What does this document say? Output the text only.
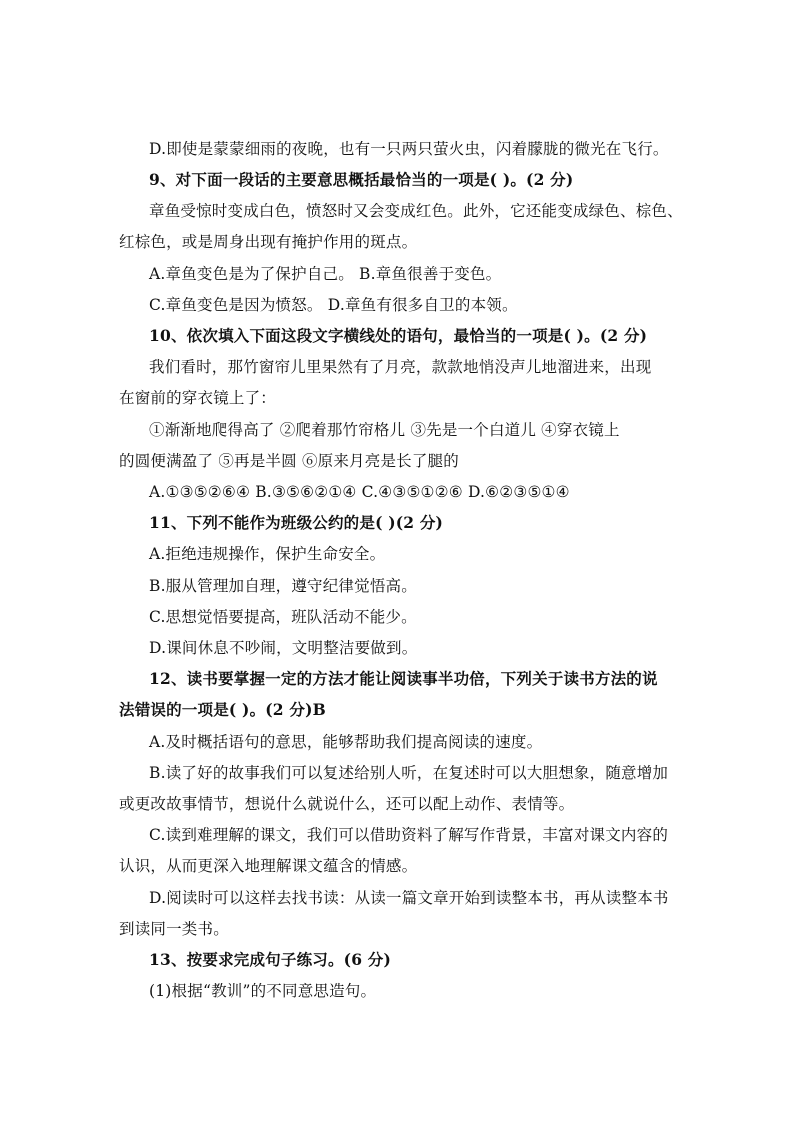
D.即使是蒙蒙细雨的夜晚，也有一只两只萤火虫，闪着朦胧的微光在飞行。
9、对下面一段话的主要意思概括最恰当的一项是( )。(2 分)
章鱼受惊时变成白色，愤怒时又会变成红色。此外，它还能变成绿色、棕色、
红棕色，或是周身出现有掩护作用的斑点。
A.章鱼变色是为了保护自己。 B.章鱼很善于变色。
C.章鱼变色是因为愤怒。 D.章鱼有很多自卫的本领。
10、依次填入下面这段文字横线处的语句，最恰当的一项是( )。(2 分)
我们看时，那竹窗帘儿里果然有了月亮，款款地悄没声儿地溜进来，出现
在窗前的穿衣镜上了：
①渐渐地爬得高了 ②爬着那竹帘格儿 ③先是一个白道儿 ④穿衣镜上
的圆便满盈了 ⑤再是半圆 ⑥原来月亮是长了腿的
A.①③⑤②⑥④ B.③⑤⑥②①④ C.④③⑤①②⑥ D.⑥②③⑤①④
11、下列不能作为班级公约的是( )(2 分)
A.拒绝违规操作，保护生命安全。
B.服从管理加自理，遵守纪律觉悟高。
C.思想觉悟要提高，班队活动不能少。
D.课间休息不吵闹，文明整洁要做到。
12、读书要掌握一定的方法才能让阅读事半功倍，下列关于读书方法的说
法错误的一项是( )。(2 分)B
A.及时概括语句的意思，能够帮助我们提高阅读的速度。
B.读了好的故事我们可以复述给别人听，在复述时可以大胆想象，随意增加
或更改故事情节，想说什么就说什么，还可以配上动作、表情等。
C.读到难理解的课文，我们可以借助资料了解写作背景，丰富对课文内容的
认识，从而更深入地理解课文蕴含的情感。
D.阅读时可以这样去找书读：从读一篇文章开始到读整本书，再从读整本书
到读同一类书。
13、按要求完成句子练习。(6 分)
(1)根据“教训”的不同意思造句。
